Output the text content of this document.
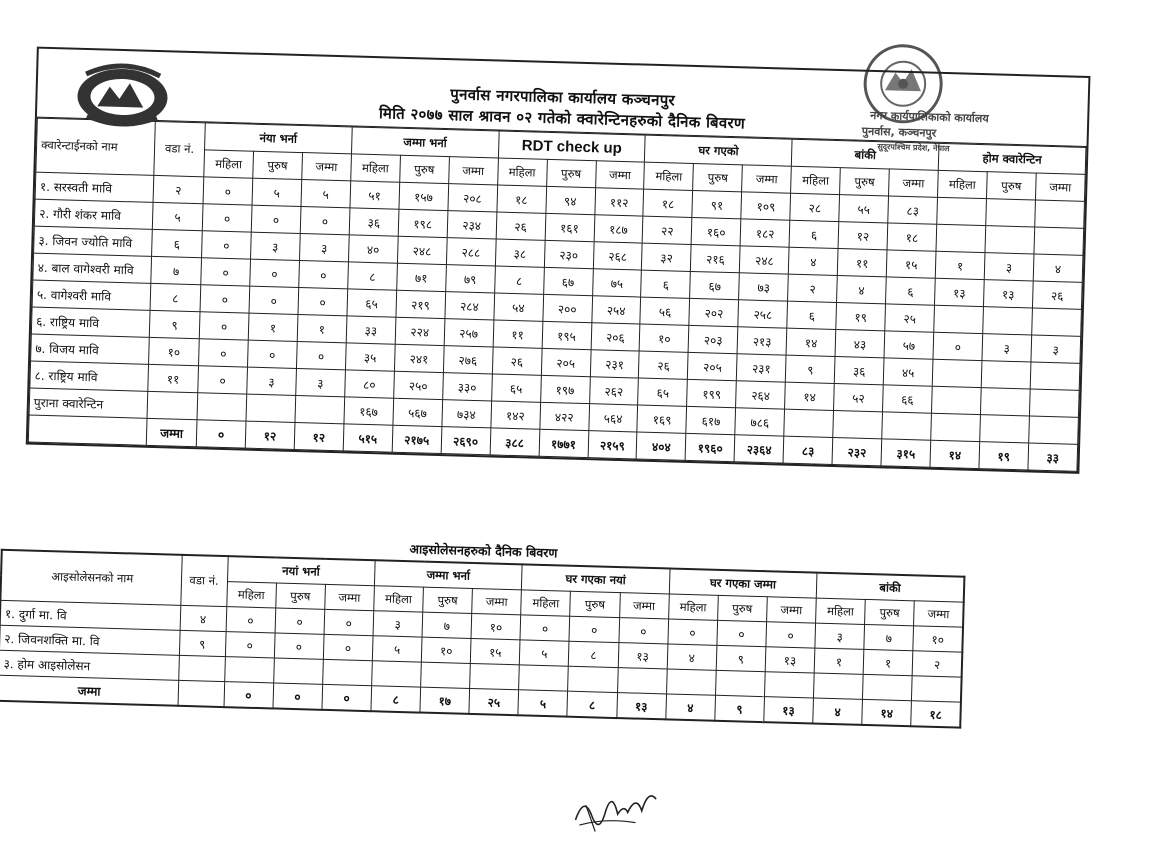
नगर कार्यपालिकाको कार्यालय
पुनर्वास, कञ्चनपुर
सुदूरपश्चिम प्रदेश, नेपाल
पुनर्वास नगरपालिका कार्यालय कञ्चनपुर
मिति २०७७ साल श्रावन ०२ गतेको क्वारेन्टिनहरुको दैनिक बिवरण
क्वारेन्टाईनको नाम	वडा नं.	नंया भर्ना			जम्मा भर्ना			RDT check up			घर गएको			बांकी			होम क्वारेन्टिन		
		महिला	पुरुष	जम्मा	महिला	पुरुष	जम्मा	महिला	पुरुष	जम्मा	महिला	पुरुष	जम्मा	महिला	पुरुष	जम्मा	महिला	पुरुष	जम्मा
१. सरस्वती मावि	२	०	५	५	५१	१५७	२०८	१८	९४	११२	१८	९१	१०९	२८	५५	८३			
२. गौरी शंकर मावि	५	०	०	०	३६	१९८	२३४	२६	१६१	१८७	२२	१६०	१८२	६	१२	१८			
३. जिवन ज्योति मावि	६	०	३	३	४०	२४८	२८८	३८	२३०	२६८	३२	२१६	२४८	४	११	१५	१	३	४
४. बाल वागेश्वरी मावि	७	०	०	०	८	७१	७९	८	६७	७५	६	६७	७३	२	४	६	१३	१३	२६
५. वागेश्वरी मावि	८	०	०	०	६५	२१९	२८४	५४	२००	२५४	५६	२०२	२५८	६	१९	२५			
६. राष्ट्रिय मावि	९	०	१	१	३३	२२४	२५७	११	१९५	२०६	१०	२०३	२१३	१४	४३	५७	०	३	३
७. विजय मावि	१०	०	०	०	३५	२४१	२७६	२६	२०५	२३१	२६	२०५	२३१	९	३६	४५			
८. राष्ट्रिय मावि	११	०	३	३	८०	२५०	३३०	६५	१९७	२६२	६५	१९९	२६४	१४	५२	६६			
पुराना क्वारेन्टिन					१६७	५६७	७३४	१४२	४२२	५६४	१६९	६१७	७८६						
	जम्मा	०	१२	१२	५१५	२१७५	२६९०	३८८	१७७१	२१५९	४०४	१९६०	२३६४	८३	२३२	३१५	१४	१९	३३
आइसोलेसनहरुको दैनिक बिवरण
आइसोलेसनको नाम	वडा नं.	नयां भर्ना			जम्मा भर्ना			घर गएका नयां			घर गएका जम्मा			बांकी		
		महिला	पुरुष	जम्मा	महिला	पुरुष	जम्मा	महिला	पुरुष	जम्मा	महिला	पुरुष	जम्मा	महिला	पुरुष	जम्मा
१. दुर्गा मा. वि	४	०	०	०	३	७	१०	०	०	०	०	०	०	३	७	१०
२. जिवनशक्ति मा. वि	९	०	०	०	५	१०	१५	५	८	१३	४	९	१३	१	१	२
३. होम आइसोलेसन																
जम्मा		०	०	०	८	१७	२५	५	८	१३	४	९	१३	४	१४	१८
